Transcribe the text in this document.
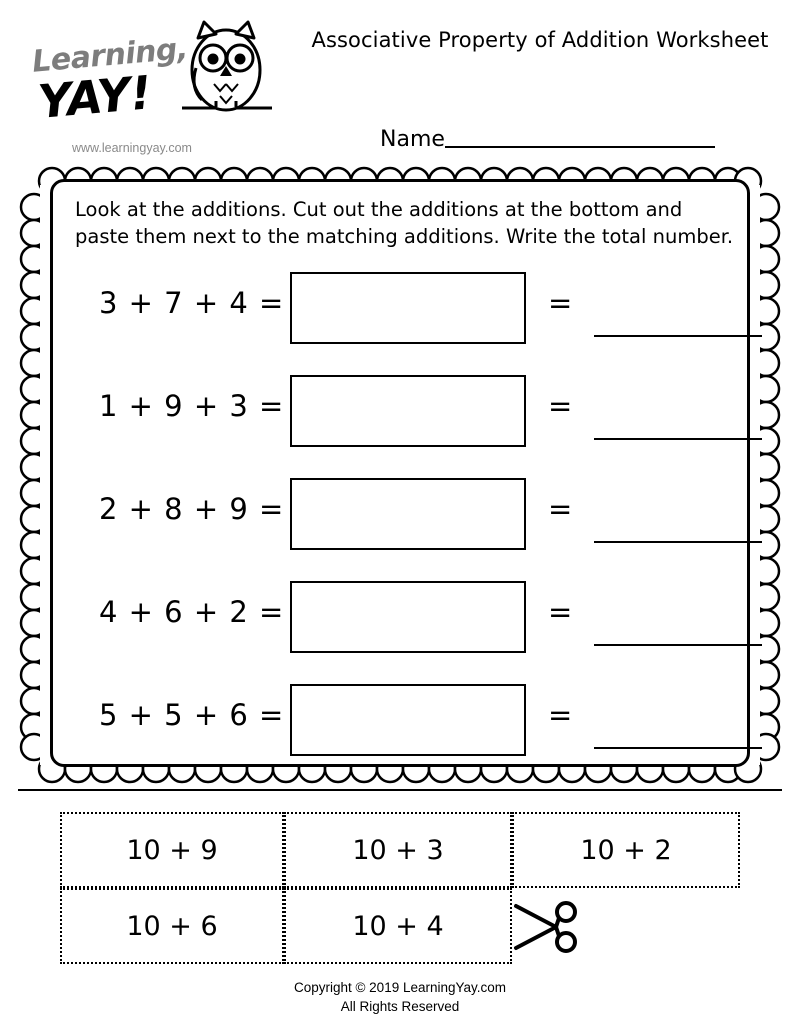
Learning,
YAY!
www.learningyay.com
Associative Property of Addition Worksheet
Name
Look at the additions. Cut out the additions at the bottom and paste them next to the matching additions. Write the total number.
3 + 7 + 4 =	=
1 + 9 + 3 =	=
2 + 8 + 9 =	=
4 + 6 + 2 =	=
5 + 5 + 6 =	=
10 + 9	10 + 3	10 + 2
10 + 6	10 + 4
Copyright © 2019 LearningYay.com
All Rights Reserved
